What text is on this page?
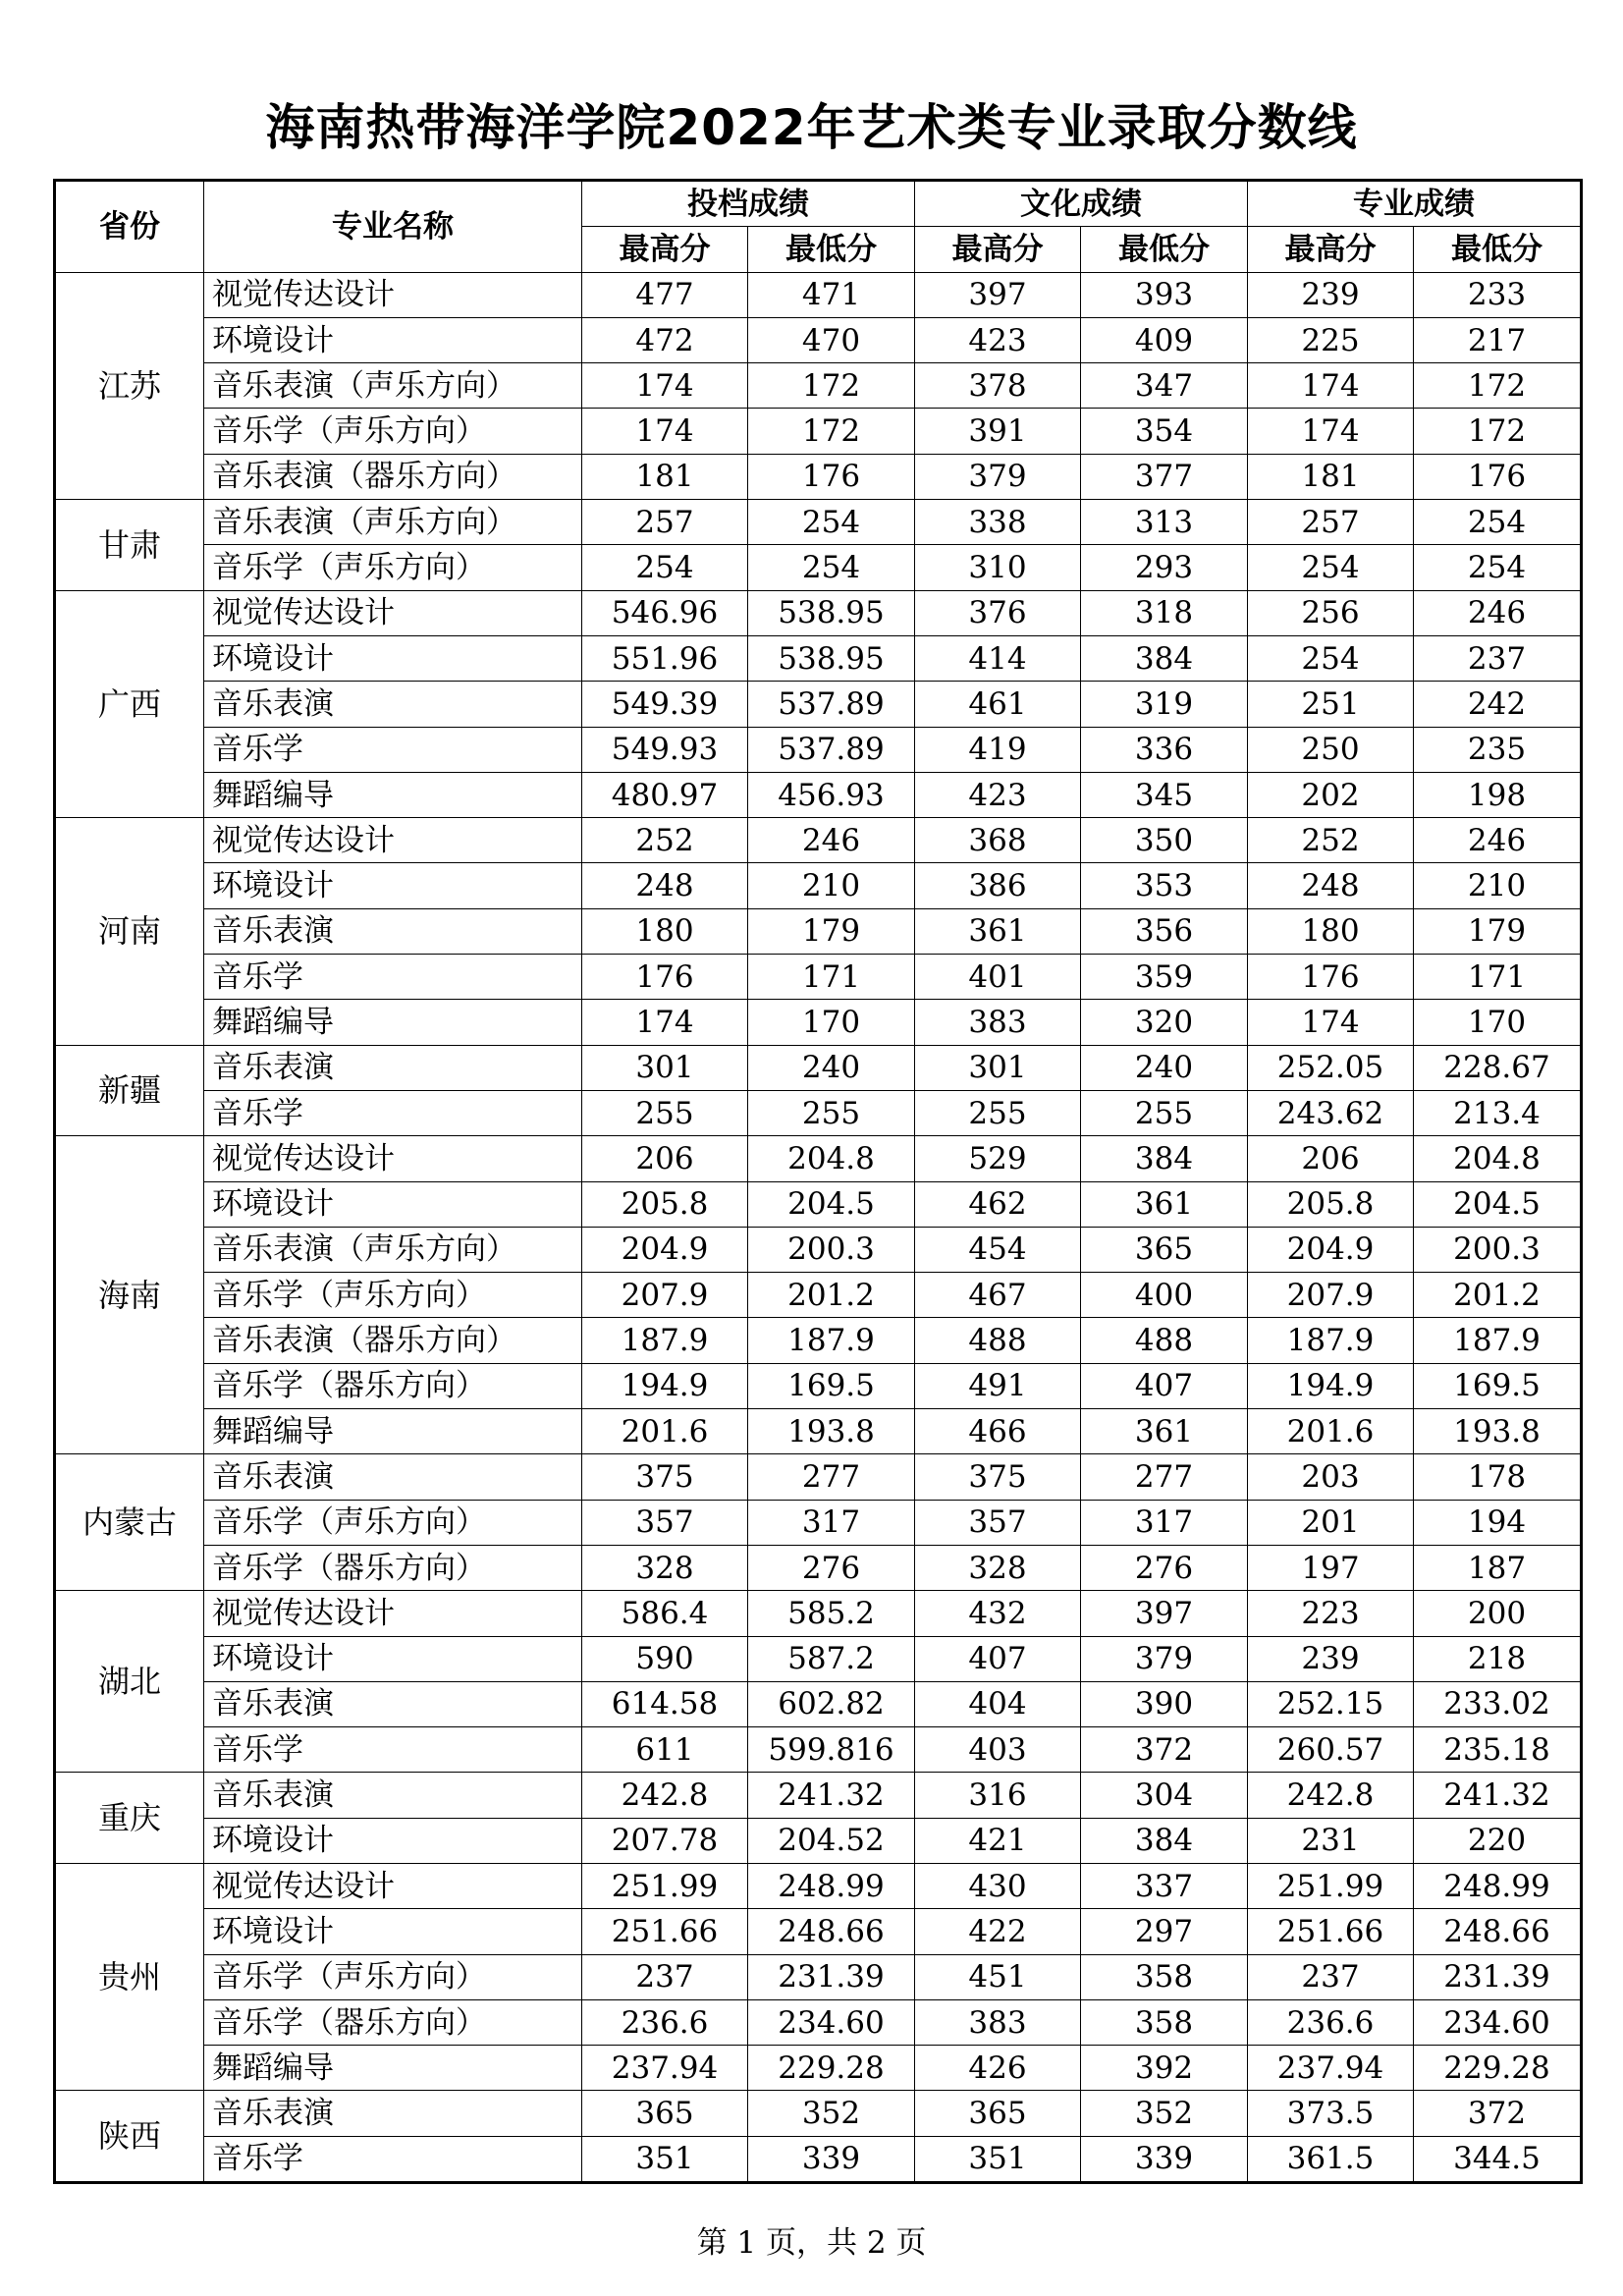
海南热带海洋学院2022年艺术类专业录取分数线
省份	专业名称	投档成绩		文化成绩		专业成绩	
		最高分	最低分	最高分	最低分	最高分	最低分
江苏	视觉传达设计	477	471	397	393	239	233
	环境设计	472	470	423	409	225	217
	音乐表演（声乐方向）	174	172	378	347	174	172
	音乐学（声乐方向）	174	172	391	354	174	172
	音乐表演（器乐方向）	181	176	379	377	181	176
甘肃	音乐表演（声乐方向）	257	254	338	313	257	254
	音乐学（声乐方向）	254	254	310	293	254	254
广西	视觉传达设计	546.96	538.95	376	318	256	246
	环境设计	551.96	538.95	414	384	254	237
	音乐表演	549.39	537.89	461	319	251	242
	音乐学	549.93	537.89	419	336	250	235
	舞蹈编导	480.97	456.93	423	345	202	198
河南	视觉传达设计	252	246	368	350	252	246
	环境设计	248	210	386	353	248	210
	音乐表演	180	179	361	356	180	179
	音乐学	176	171	401	359	176	171
	舞蹈编导	174	170	383	320	174	170
新疆	音乐表演	301	240	301	240	252.05	228.67
	音乐学	255	255	255	255	243.62	213.4
海南	视觉传达设计	206	204.8	529	384	206	204.8
	环境设计	205.8	204.5	462	361	205.8	204.5
	音乐表演（声乐方向）	204.9	200.3	454	365	204.9	200.3
	音乐学（声乐方向）	207.9	201.2	467	400	207.9	201.2
	音乐表演（器乐方向）	187.9	187.9	488	488	187.9	187.9
	音乐学（器乐方向）	194.9	169.5	491	407	194.9	169.5
	舞蹈编导	201.6	193.8	466	361	201.6	193.8
内蒙古	音乐表演	375	277	375	277	203	178
	音乐学（声乐方向）	357	317	357	317	201	194
	音乐学（器乐方向）	328	276	328	276	197	187
湖北	视觉传达设计	586.4	585.2	432	397	223	200
	环境设计	590	587.2	407	379	239	218
	音乐表演	614.58	602.82	404	390	252.15	233.02
	音乐学	611	599.816	403	372	260.57	235.18
重庆	音乐表演	242.8	241.32	316	304	242.8	241.32
	环境设计	207.78	204.52	421	384	231	220
贵州	视觉传达设计	251.99	248.99	430	337	251.99	248.99
	环境设计	251.66	248.66	422	297	251.66	248.66
	音乐学（声乐方向）	237	231.39	451	358	237	231.39
	音乐学（器乐方向）	236.6	234.60	383	358	236.6	234.60
	舞蹈编导	237.94	229.28	426	392	237.94	229.28
陕西	音乐表演	365	352	365	352	373.5	372
	音乐学	351	339	351	339	361.5	344.5
第 1 页，共 2 页
